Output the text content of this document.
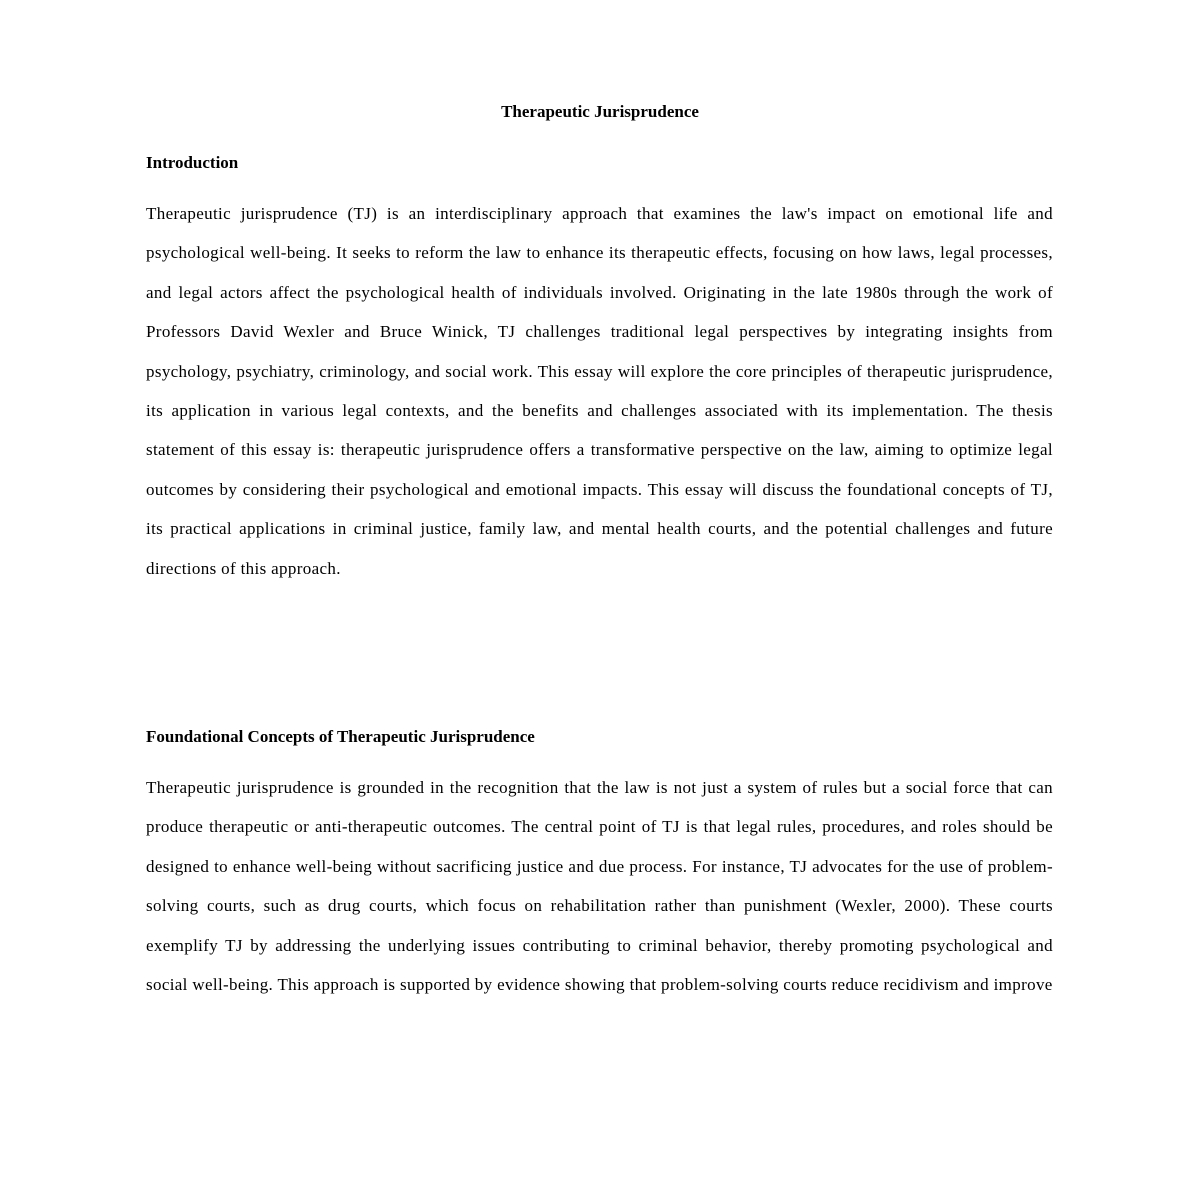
Therapeutic Jurisprudence
Introduction

Therapeutic jurisprudence (TJ) is an interdisciplinary approach that examines the law's impact on emotional life and psychological well-being. It seeks to reform the law to enhance its therapeutic effects, focusing on how laws, legal processes, and legal actors affect the psychological health of individuals involved. Originating in the late 1980s through the work of Professors David Wexler and Bruce Winick, TJ challenges traditional legal perspectives by integrating insights from psychology, psychiatry, criminology, and social work. This essay will explore the core principles of therapeutic jurisprudence, its application in various legal contexts, and the benefits and challenges associated with its implementation. The thesis statement of this essay is: therapeutic jurisprudence offers a transformative perspective on the law, aiming to optimize legal outcomes by considering their psychological and emotional impacts. This essay will discuss the foundational concepts of TJ, its practical applications in criminal justice, family law, and mental health courts, and the potential challenges and future directions of this approach.

Foundational Concepts of Therapeutic Jurisprudence

Therapeutic jurisprudence is grounded in the recognition that the law is not just a system of rules but a social force that can produce therapeutic or anti-therapeutic outcomes. The central point of TJ is that legal rules, procedures, and roles should be designed to enhance well-being without sacrificing justice and due process. For instance, TJ advocates for the use of problem-solving courts, such as drug courts, which focus on rehabilitation rather than punishment (Wexler, 2000). These courts exemplify TJ by addressing the underlying issues contributing to criminal behavior, thereby promoting psychological and social well-being. This approach is supported by evidence showing that problem-solving courts reduce recidivism and improve
